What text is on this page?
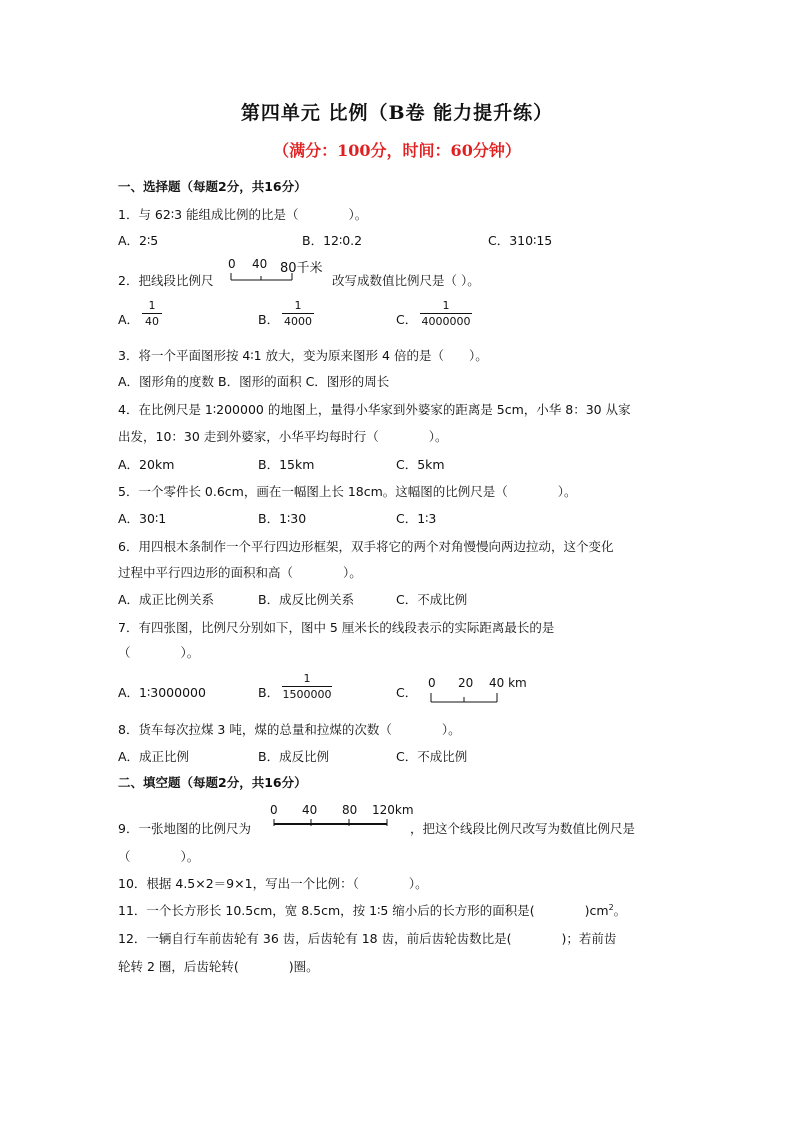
第四单元 比例（B卷 能力提升练）
（满分：100分，时间：60分钟）
一、选择题（每题2分，共16分）
1．与 62∶3 能组成比例的比是（　　　　）。
A．2∶5	B．12∶0.2	C．310∶15
2．把线段比例尺
0 40 80千米
改写成数值比例尺是（ ）。
A．
1
40	B．
1
4000	C．
1
4000000
3．将一个平面图形按 4∶1 放大，变为原来图形 4 倍的是（　　）。
A．图形角的度数 B．图形的面积 C．图形的周长
4．在比例尺是 1∶200000 的地图上，量得小华家到外婆家的距离是 5cm，小华 8：30 从家
出发，10：30 走到外婆家，小华平均每时行（　　　　）。
A．20km	B．15km	C．5km
5．一个零件长 0.6cm，画在一幅图上长 18cm。这幅图的比例尺是（　　　　）。
A．30∶1	B．1∶30	C．1∶3
6．用四根木条制作一个平行四边形框架，双手将它的两个对角慢慢向两边拉动，这个变化
过程中平行四边形的面积和高（　　　　）。
A．成正比例关系	B．成反比例关系	C．不成比例
7．有四张图，比例尺分别如下，图中 5 厘米长的线段表示的实际距离最长的是
（　　　　）。
A．1∶3000000	B．
1
1500000	C．
0 20 40 km
8．货车每次拉煤 3 吨，煤的总量和拉煤的次数（　　　　）。
A．成正比例	B．成反比例	C．不成比例
二、填空题（每题2分，共16分）
9．一张地图的比例尺为
0 40 80 120km
，把这个线段比例尺改写为数值比例尺是
（　　　　）。
10．根据 4.5×2＝9×1，写出一个比例：（　　　　）。
11．一个长方形长 10.5cm，宽 8.5cm，按 1∶5 缩小后的长方形的面积是(　　　　)$cm^2$。
12．一辆自行车前齿轮有 36 齿，后齿轮有 18 齿，前后齿轮齿数比是(　　　　)；若前齿
轮转 2 圈，后齿轮转(　　　　)圈。
